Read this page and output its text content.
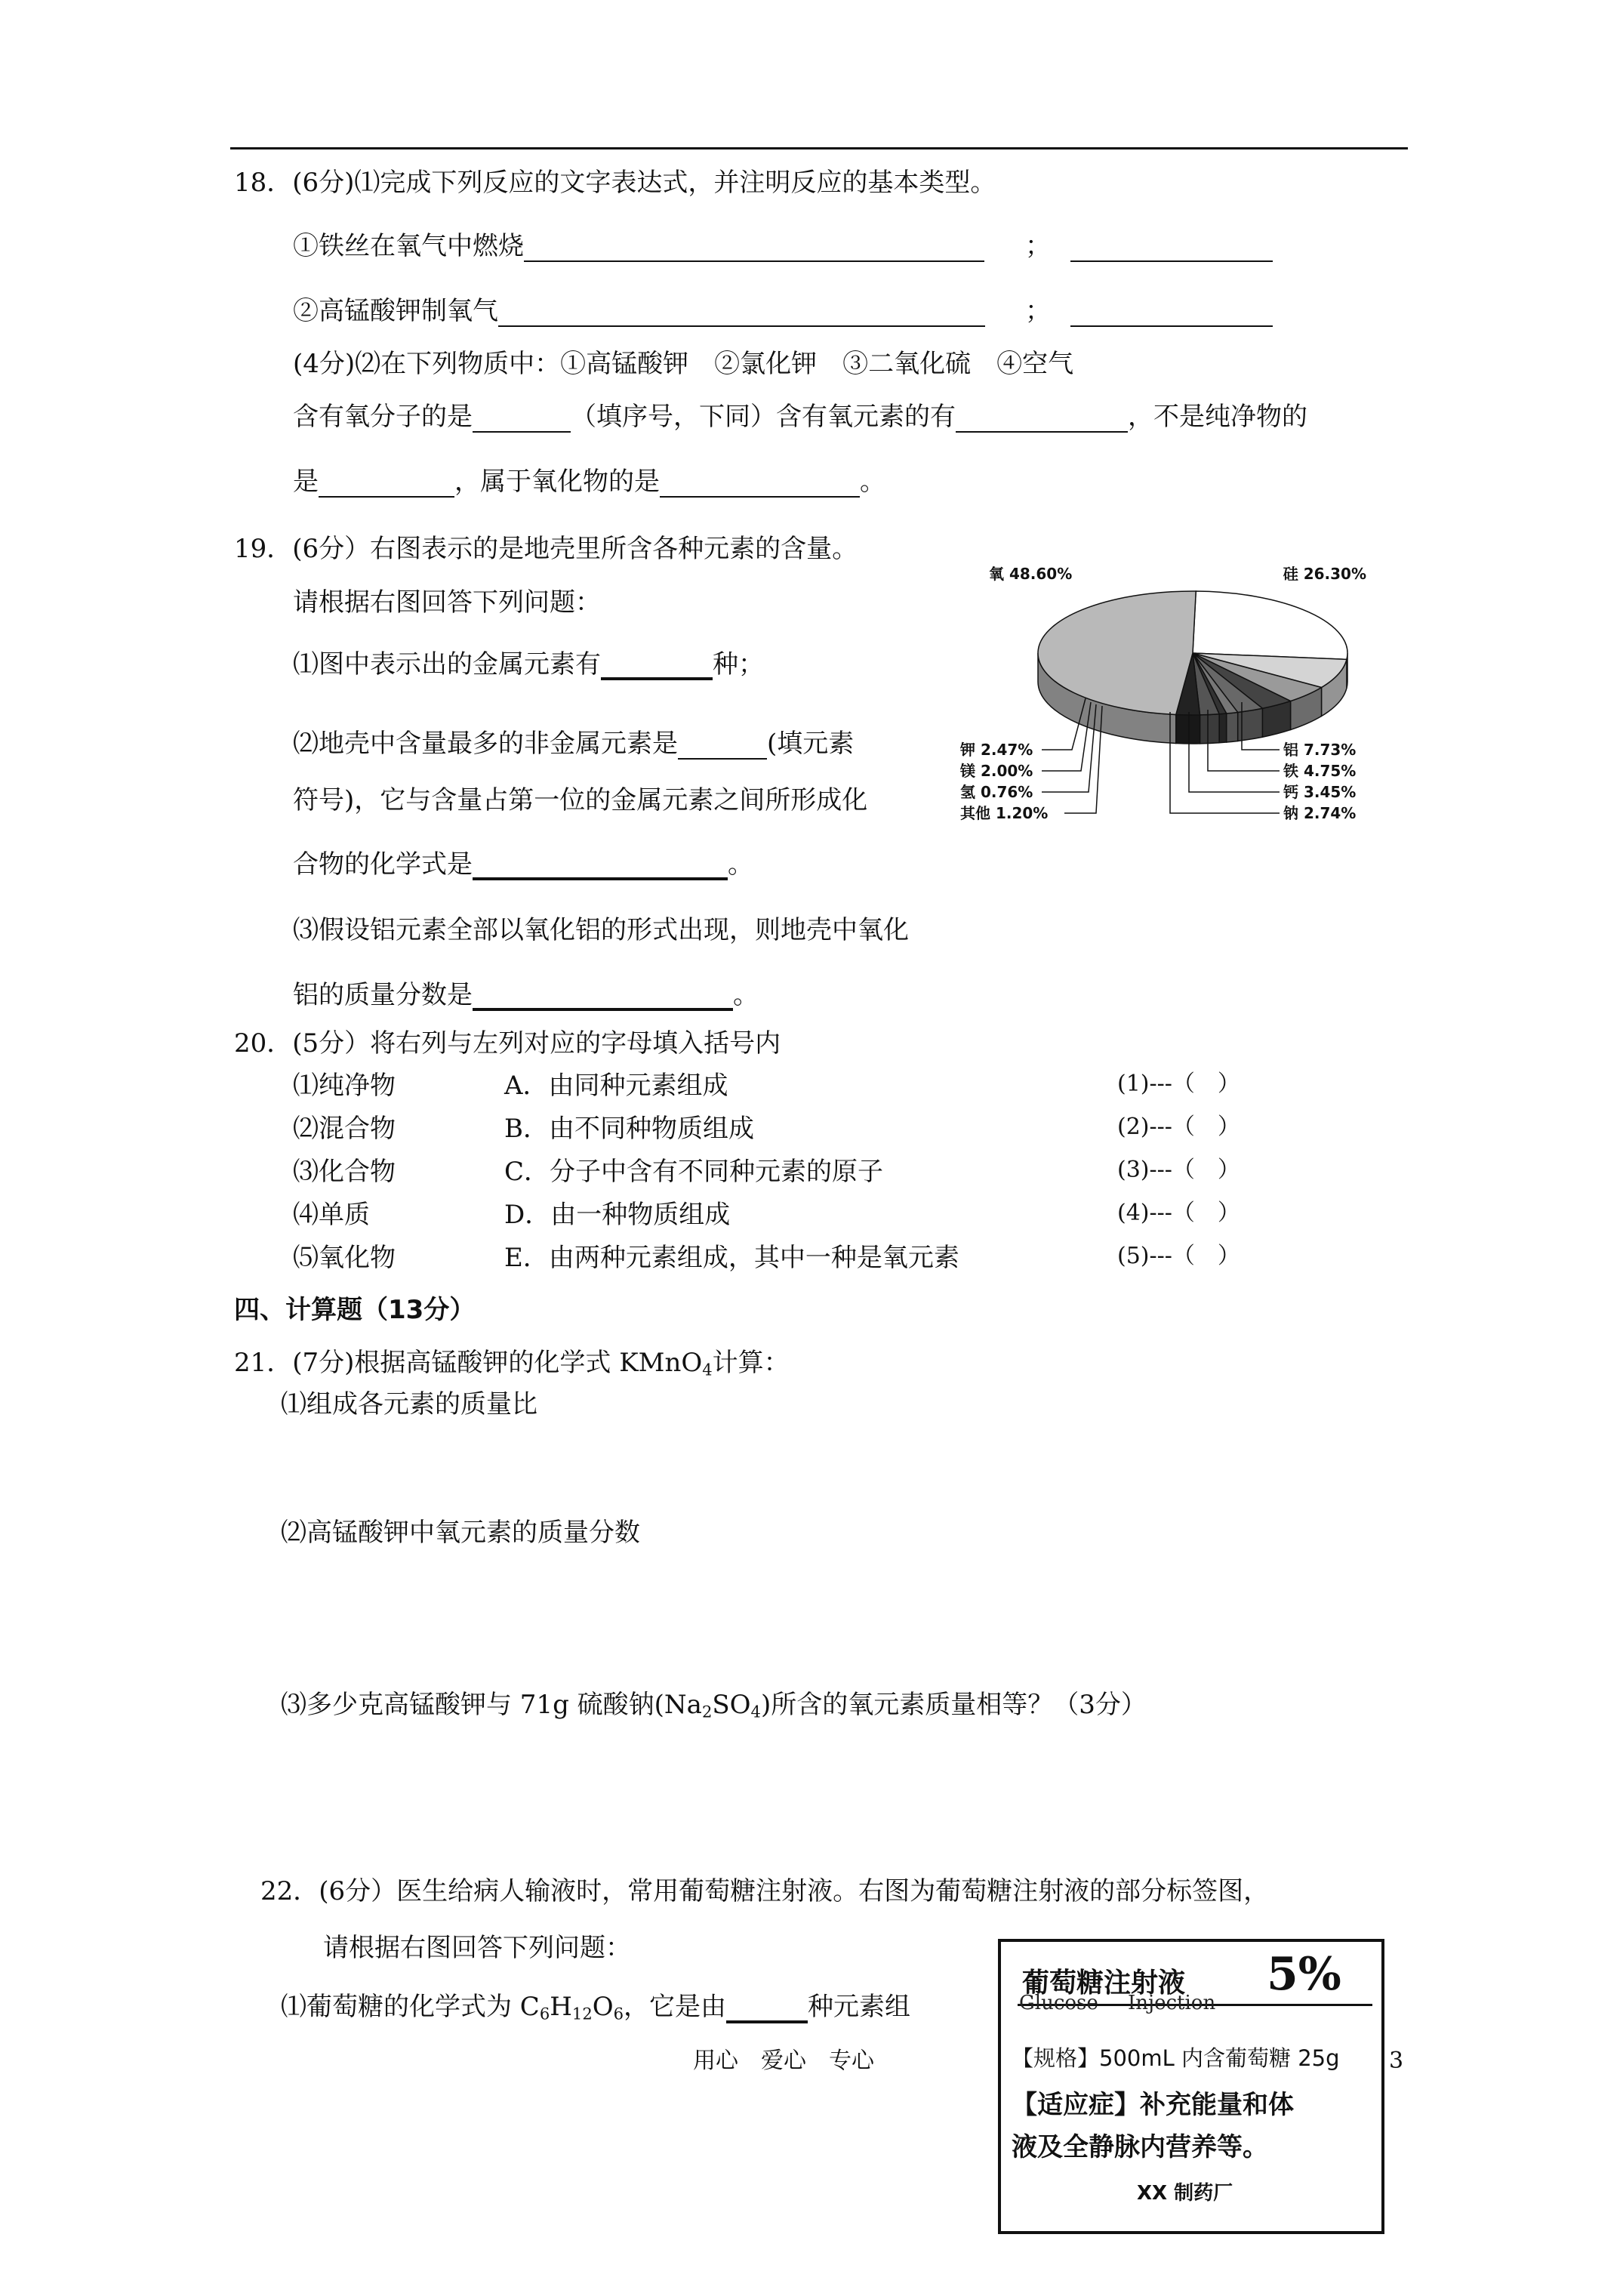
18．(6分)⑴完成下列反应的文字表达式，并注明反应的基本类型。
①铁丝在氧气中燃烧	；
②高锰酸钾制氧气	；
(4分)⑵在下列物质中：①高锰酸钾　②氯化钾　③二氧化硫　④空气
含有氧分子的是	（填序号，下同）含有氧元素的有	，不是纯净物的
是	，属于氧化物的是	。
19．(6分）右图表示的是地壳里所含各种元素的含量。
请根据右图回答下列问题：
⑴图中表示出的金属元素有	种；
⑵地壳中含量最多的非金属元素是	(填元素
符号)，它与含量占第一位的金属元素之间所形成化
合物的化学式是	。
⑶假设铝元素全部以氧化铝的形式出现，则地壳中氧化
铝的质量分数是	。
氧 48.60%	硅 26.30%
铝 7.73%
铁 4.75%
钙 3.45%
钠 2.74%
钾 2.47%
镁 2.00%
氢 0.76%
其他 1.20%
20．(5分）将右列与左列对应的字母填入括号内
⑴纯净物	A．由同种元素组成	(1)---（　）
⑵混合物	B．由不同种物质组成	(2)---（　）
⑶化合物	C．分子中含有不同种元素的原子	(3)---（　）
⑷单质	D．由一种物质组成	(4)---（　）
⑸氧化物	E．由两种元素组成，其中一种是氧元素	(5)---（　）
四、计算题（13分）
21．(7分)根据高锰酸钾的化学式 KMnO$_4$计算：
⑴组成各元素的质量比
⑵高锰酸钾中氧元素的质量分数
⑶多少克高锰酸钾与 71g 硫酸钠$(Na_2SO_4)$所含的氧元素质量相等？（3分）
22．(6分）医生给病人输液时，常用葡萄糖注射液。右图为葡萄糖注射液的部分标签图，
请根据右图回答下列问题：
⑴葡萄糖的化学式为 $C_6H_{12}O_6$，它是由	种元素组
葡萄糖注射液 5%
Glucose Injection
【规格】500mL 内含葡萄糖 25g
【适应症】补充能量和体
液及全静脉内营养等。
XX 制药厂
用心　爱心　专心	3
